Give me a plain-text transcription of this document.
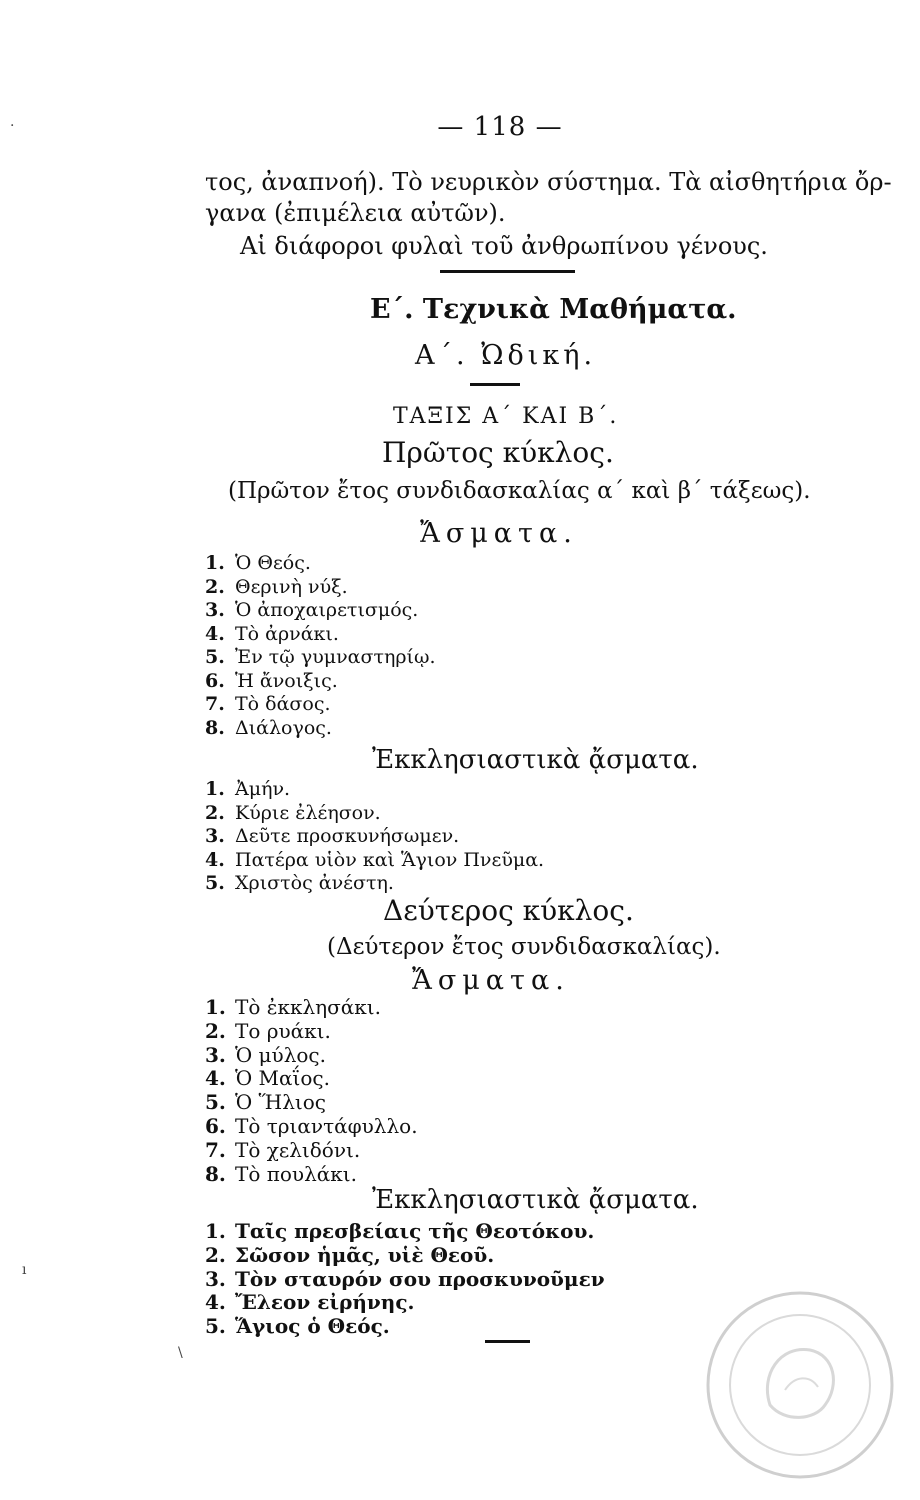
— 118 —
τος, ἀναπνοή). Τὸ νευρικὸν σύστημα. Τὰ αἰσθητήρια ὄρ-
γανα (ἐπιμέλεια αὐτῶν).
Αἱ διάφοροι φυλαὶ τοῦ ἀνθρωπίνου γένους.
Ε΄. Τεχνικὰ Μαθήματα.
Α΄. Ὠδική.
ΤΑΞΙΣ Α΄ ΚΑΙ Β΄.
Πρῶτος κύκλος.
(Πρῶτον ἔτος συνδιδασκαλίας α΄ καὶ β΄ τάξεως).
Ἄσματα.
1. Ὁ Θεός.
2. Θερινὴ νύξ.
3. Ὁ ἀποχαιρετισμός.
4. Τὸ ἀρνάκι.
5. Ἐν τῷ γυμναστηρίῳ.
6. Ἡ ἄνοιξις.
7. Τὸ δάσος.
8. Διάλογος.
Ἐκκλησιαστικὰ ᾄσματα.
1. Ἀμήν.
2. Κύριε ἐλέησον.
3. Δεῦτε προσκυνήσωμεν.
4. Πατέρα υἱὸν καὶ Ἅγιον Πνεῦμα.
5. Χριστὸς ἀνέστη.
Δεύτερος κύκλος.
(Δεύτερον ἔτος συνδιδασκαλίας).
Ἄσματα.
1. Τὸ ἐκκλησάκι.
2. Το ρυάκι.
3. Ὁ μύλος.
4. Ὁ Μαΐος.
5. Ὁ Ἥλιος
6. Τὸ τριαντάφυλλο.
7. Τὸ χελιδόνι.
8. Τὸ πουλάκι.
Ἐκκλησιαστικὰ ᾄσματα.
1. Ταῖς πρεσβείαις τῆς Θεοτόκου.
2. Σῶσον ἡμᾶς, υἱὲ Θεοῦ.
3. Τὸν σταυρόν σου προσκυνοῦμεν
4. Ἔλεον εἰρήνης.
5. Ἅγιος ὁ Θεός.
·
ı
\
